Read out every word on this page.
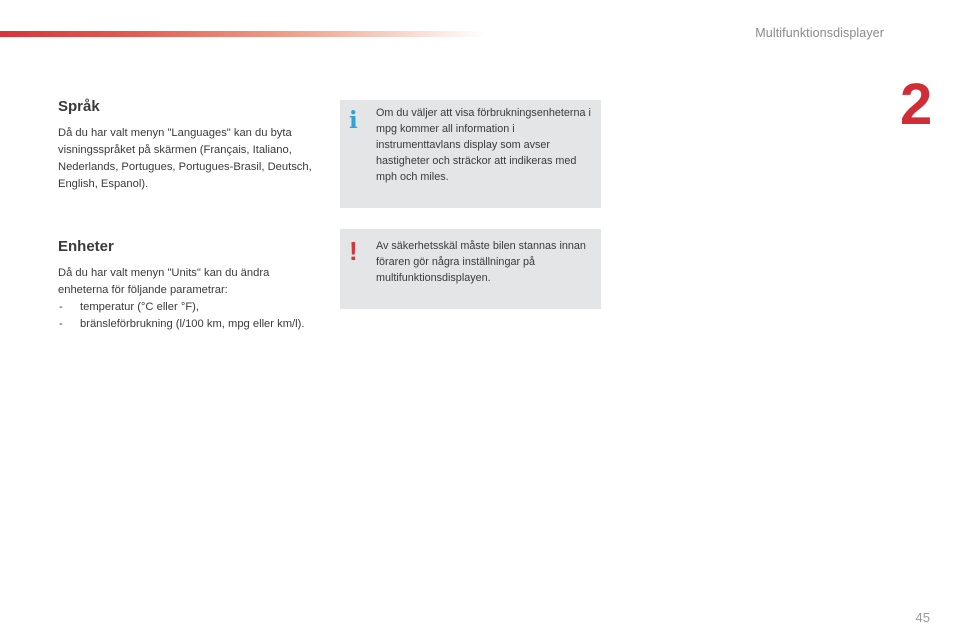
Multifunktionsdisplayer
2
Språk

Då du har valt menyn "Languages" kan du byta visningsspråket på skärmen (Français, Italiano, Nederlands, Portugues, Portugues-Brasil, Deutsch, English, Espanol).

Enheter

Då du har valt menyn "Units" kan du ändra enheterna för följande parametrar:

- temperatur (°C eller °F),
- bränsleförbrukning (l/100 km, mpg eller km/l).
i Om du väljer att visa förbrukningsenheterna i mpg kommer all information i instrumenttavlans display som avser hastigheter och sträckor att indikeras med mph och miles.
! Av säkerhetsskäl måste bilen stannas innan föraren gör några inställningar på multifunktionsdisplayen.
45
